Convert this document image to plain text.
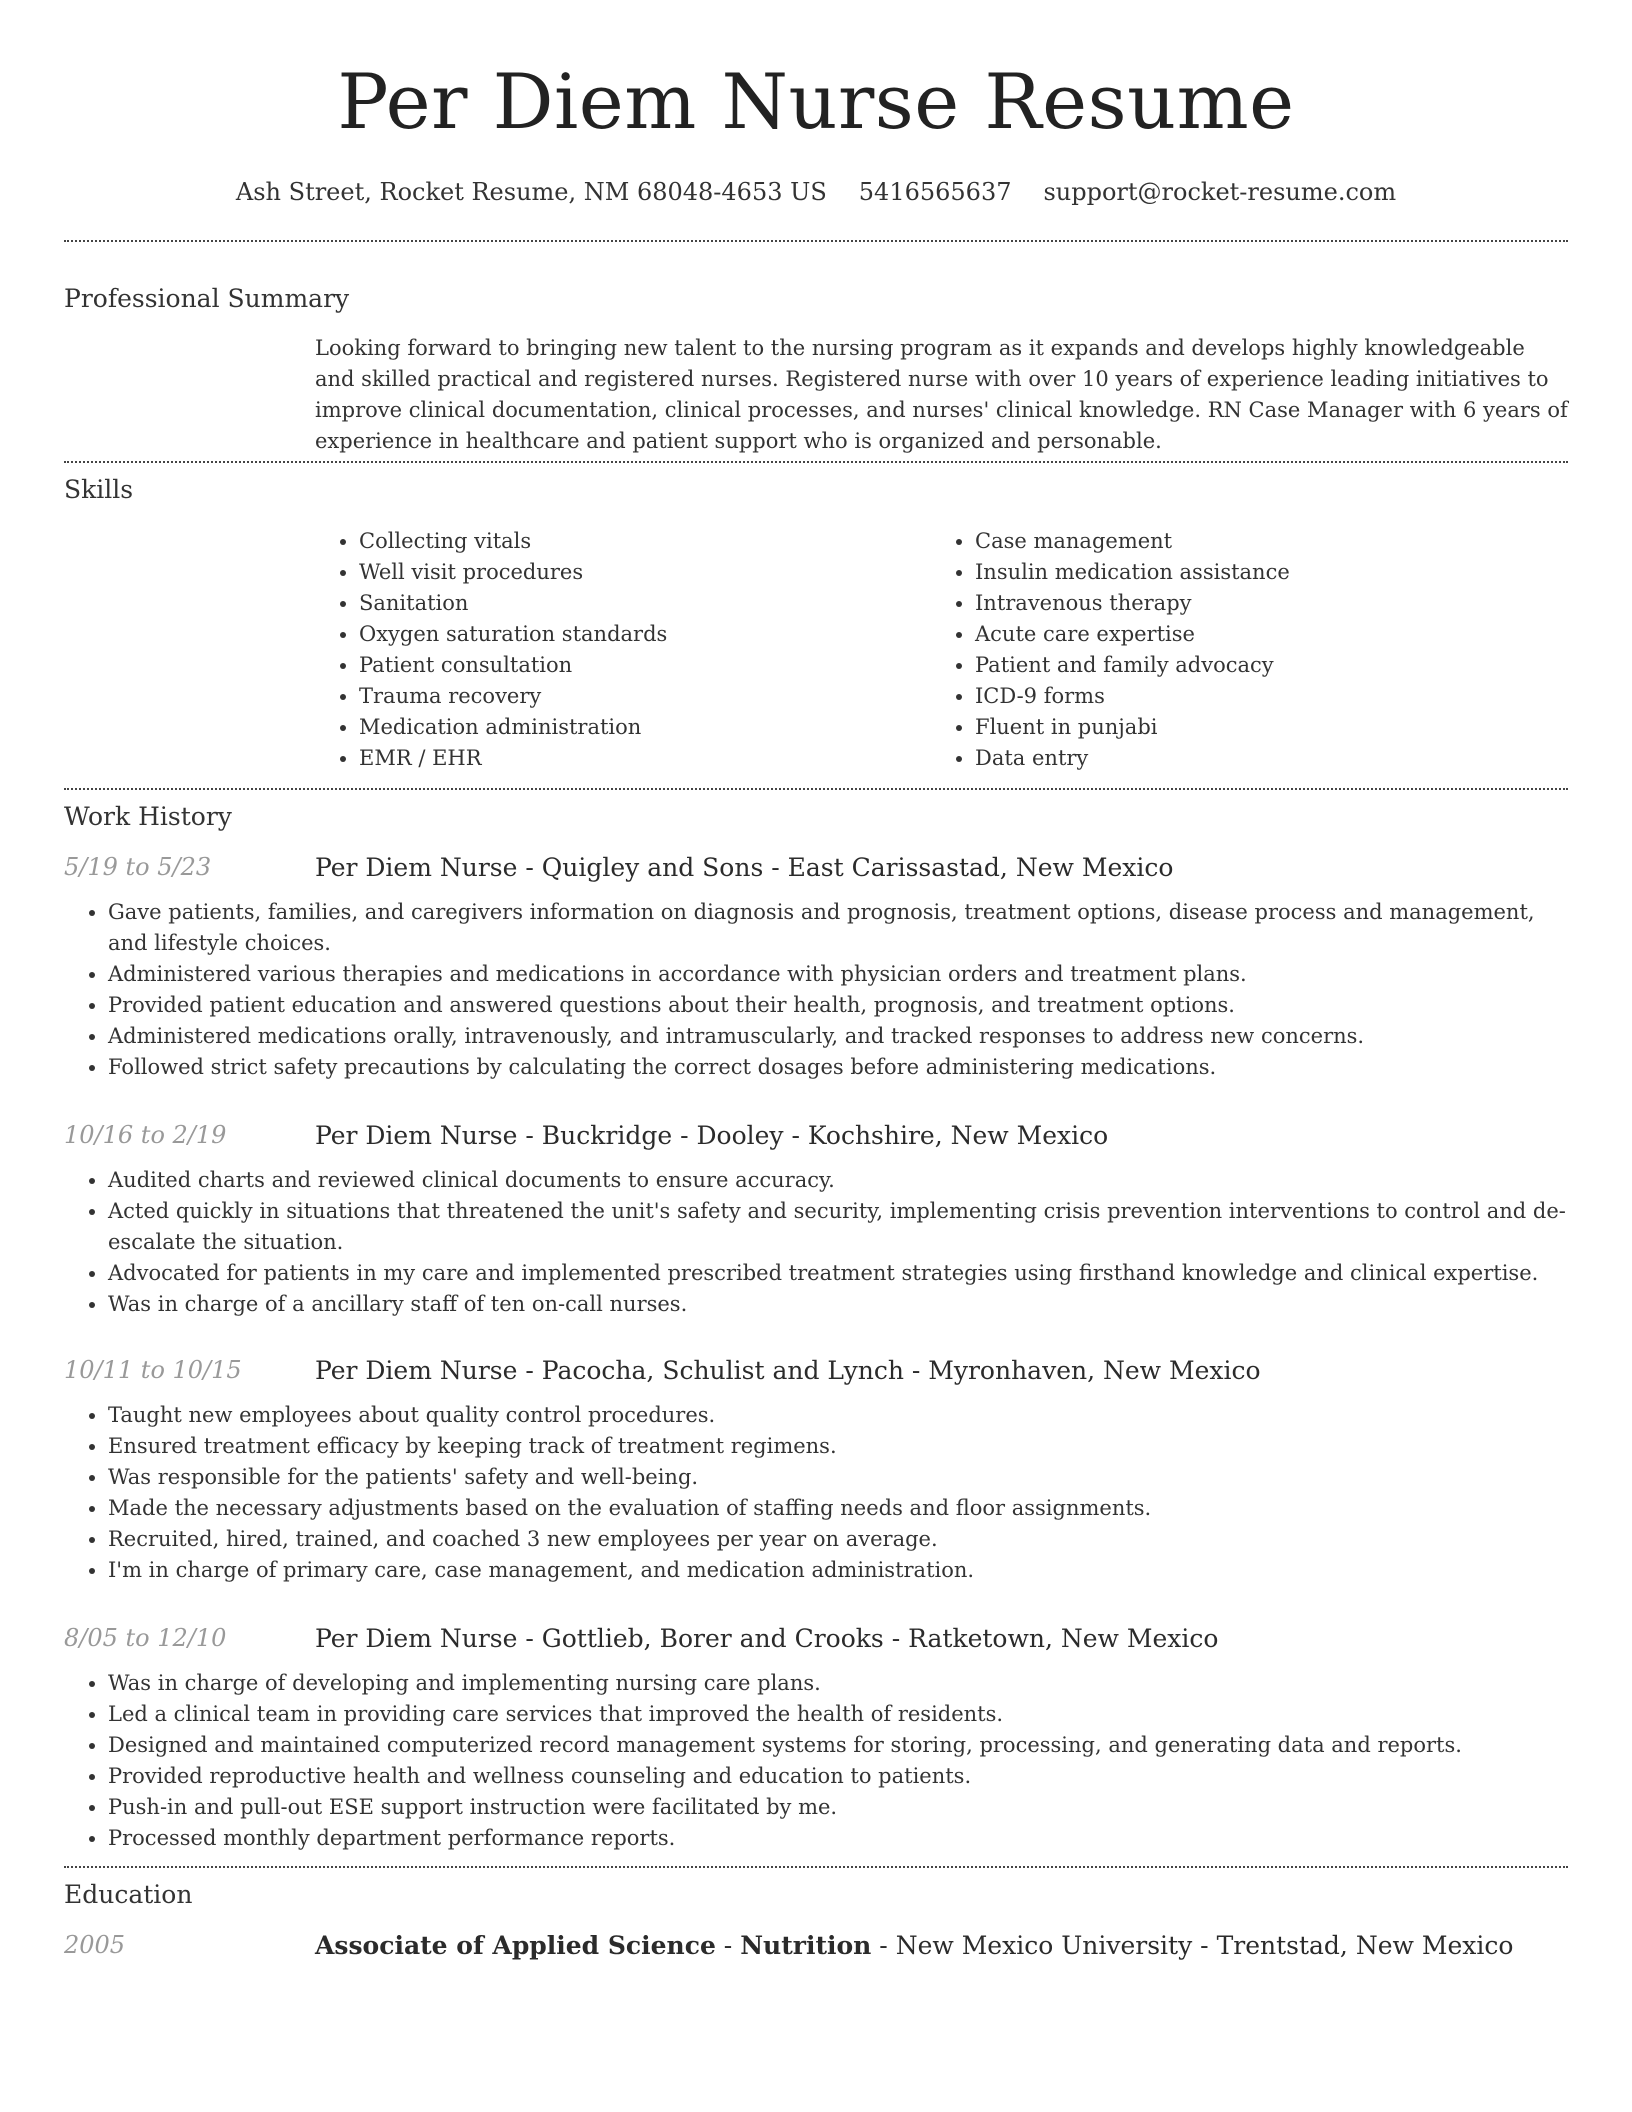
Per Diem Nurse Resume
Ash Street, Rocket Resume, NM 68048-4653 US 5416565637 support@rocket-resume.com
Professional Summary
Looking forward to bringing new talent to the nursing program as it expands and develops highly knowledgeable and skilled practical and registered nurses. Registered nurse with over 10 years of experience leading initiatives to improve clinical documentation, clinical processes, and nurses' clinical knowledge. RN Case Manager with 6 years of experience in healthcare and patient support who is organized and personable.
Skills
• Collecting vitals
• Well visit procedures
• Sanitation
• Oxygen saturation standards
• Patient consultation
• Trauma recovery
• Medication administration
• EMR / EHR
• Case management
• Insulin medication assistance
• Intravenous therapy
• Acute care expertise
• Patient and family advocacy
• ICD-9 forms
• Fluent in punjabi
• Data entry
Work History
5/19 to 5/23	Per Diem Nurse - Quigley and Sons - East Carissastad, New Mexico
• Gave patients, families, and caregivers information on diagnosis and prognosis, treatment options, disease process and management, and lifestyle choices.
• Administered various therapies and medications in accordance with physician orders and treatment plans.
• Provided patient education and answered questions about their health, prognosis, and treatment options.
• Administered medications orally, intravenously, and intramuscularly, and tracked responses to address new concerns.
• Followed strict safety precautions by calculating the correct dosages before administering medications.
10/16 to 2/19	Per Diem Nurse - Buckridge - Dooley - Kochshire, New Mexico
• Audited charts and reviewed clinical documents to ensure accuracy.
• Acted quickly in situations that threatened the unit's safety and security, implementing crisis prevention interventions to control and de-escalate the situation.
• Advocated for patients in my care and implemented prescribed treatment strategies using firsthand knowledge and clinical expertise.
• Was in charge of a ancillary staff of ten on-call nurses.
10/11 to 10/15	Per Diem Nurse - Pacocha, Schulist and Lynch - Myronhaven, New Mexico
• Taught new employees about quality control procedures.
• Ensured treatment efficacy by keeping track of treatment regimens.
• Was responsible for the patients' safety and well-being.
• Made the necessary adjustments based on the evaluation of staffing needs and floor assignments.
• Recruited, hired, trained, and coached 3 new employees per year on average.
• I'm in charge of primary care, case management, and medication administration.
8/05 to 12/10	Per Diem Nurse - Gottlieb, Borer and Crooks - Ratketown, New Mexico
• Was in charge of developing and implementing nursing care plans.
• Led a clinical team in providing care services that improved the health of residents.
• Designed and maintained computerized record management systems for storing, processing, and generating data and reports.
• Provided reproductive health and wellness counseling and education to patients.
• Push-in and pull-out ESE support instruction were facilitated by me.
• Processed monthly department performance reports.
Education
2005	Associate of Applied Science - Nutrition - New Mexico University - Trentstad, New Mexico
